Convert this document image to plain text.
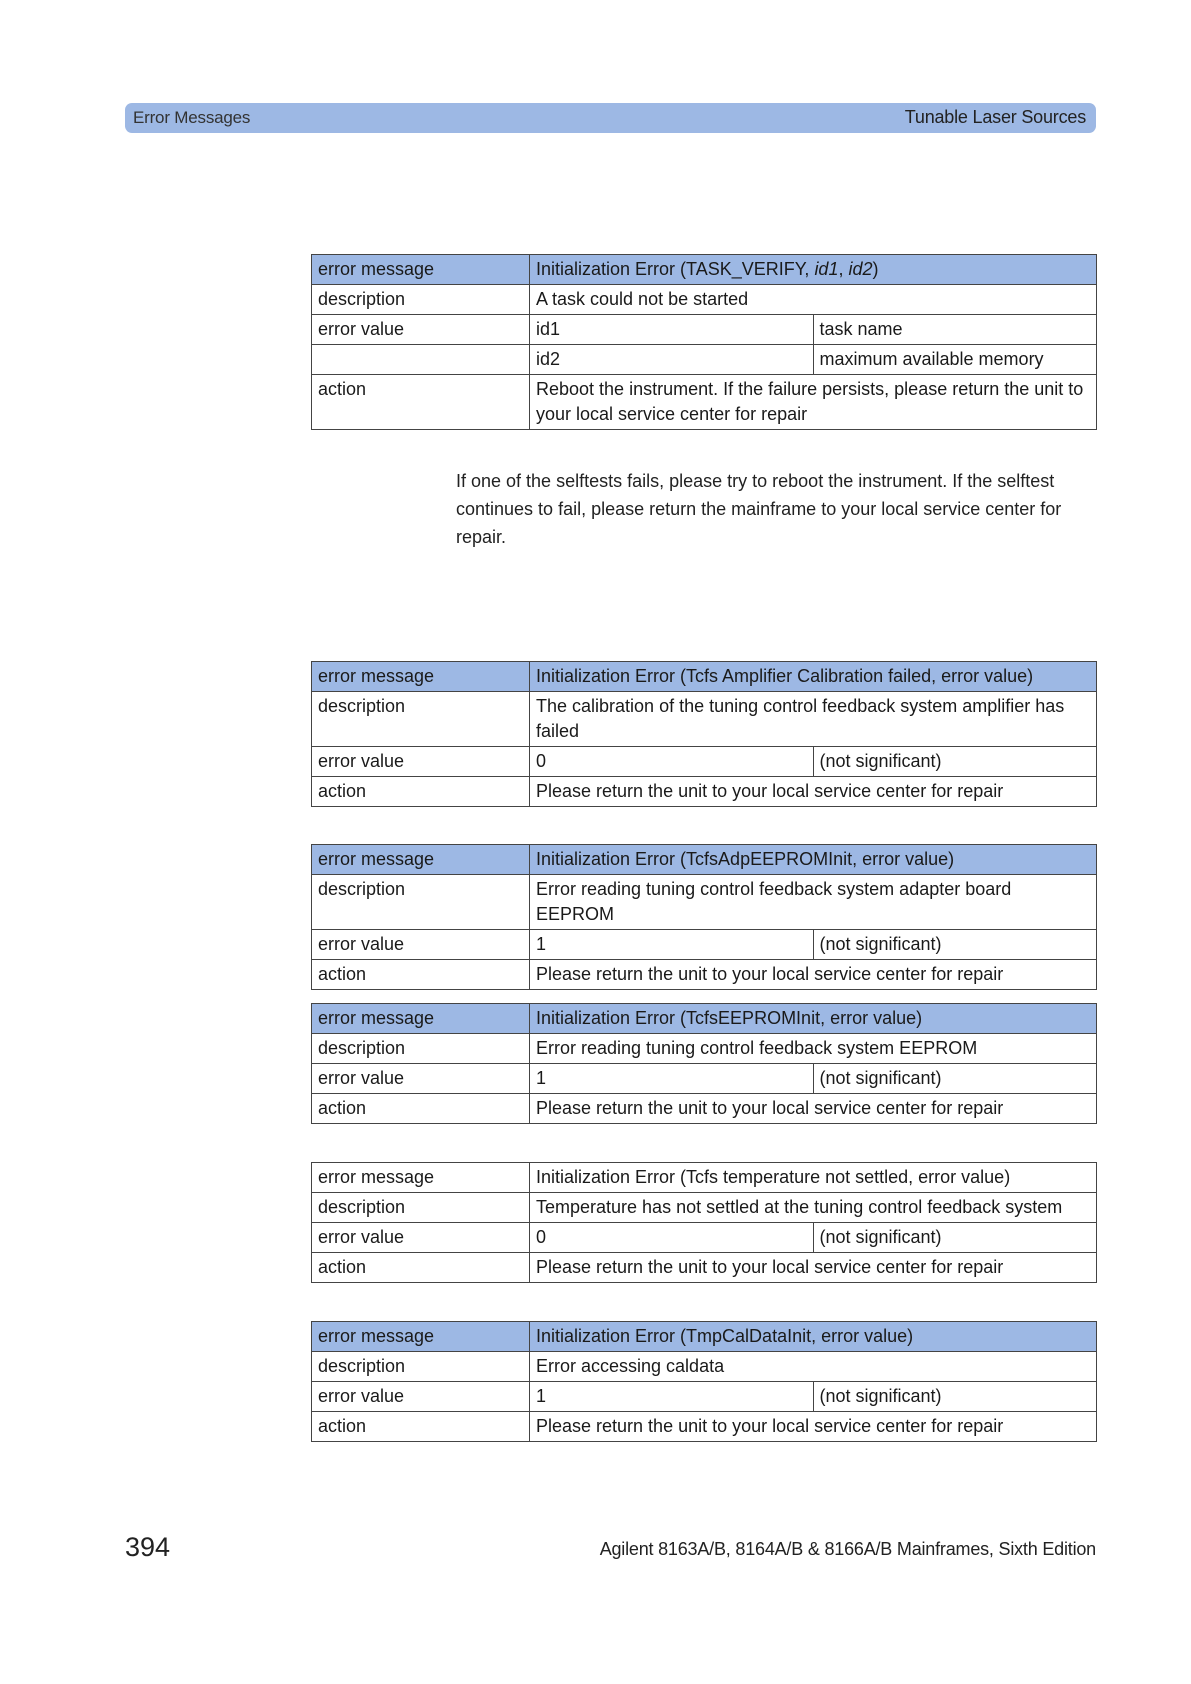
Error Messages	Tunable Laser Sources
error message	Initialization Error (TASK_VERIFY, id1, id2)	
description	A task could not be started	
error value	id1	task name
	id2	maximum available memory
action	Reboot the instrument. If the failure persists, please return the unit to your local service center for repair	

If one of the selftests fails, please try to reboot the instrument. If the selftest continues to fail, please return the mainframe to your local service center for repair.

error message	Initialization Error (Tcfs Amplifier Calibration failed, error value)	
description	The calibration of the tuning control feedback system amplifier has failed	
error value	0	(not significant)
action	Please return the unit to your local service center for repair	
error message	Initialization Error (TcfsAdpEEPROMInit, error value)	
description	Error reading tuning control feedback system adapter board EEPROM	
error value	1	(not significant)
action	Please return the unit to your local service center for repair	
error message	Initialization Error (TcfsEEPROMInit, error value)	
description	Error reading tuning control feedback system EEPROM	
error value	1	(not significant)
action	Please return the unit to your local service center for repair	
error message	Initialization Error (Tcfs temperature not settled, error value)	
description	Temperature has not settled at the tuning control feedback system	
error value	0	(not significant)
action	Please return the unit to your local service center for repair	
error message	Initialization Error (TmpCalDataInit, error value)	
description	Error accessing caldata	
error value	1	(not significant)
action	Please return the unit to your local service center for repair	
394	Agilent 8163A/B, 8164A/B & 8166A/B Mainframes, Sixth Edition
